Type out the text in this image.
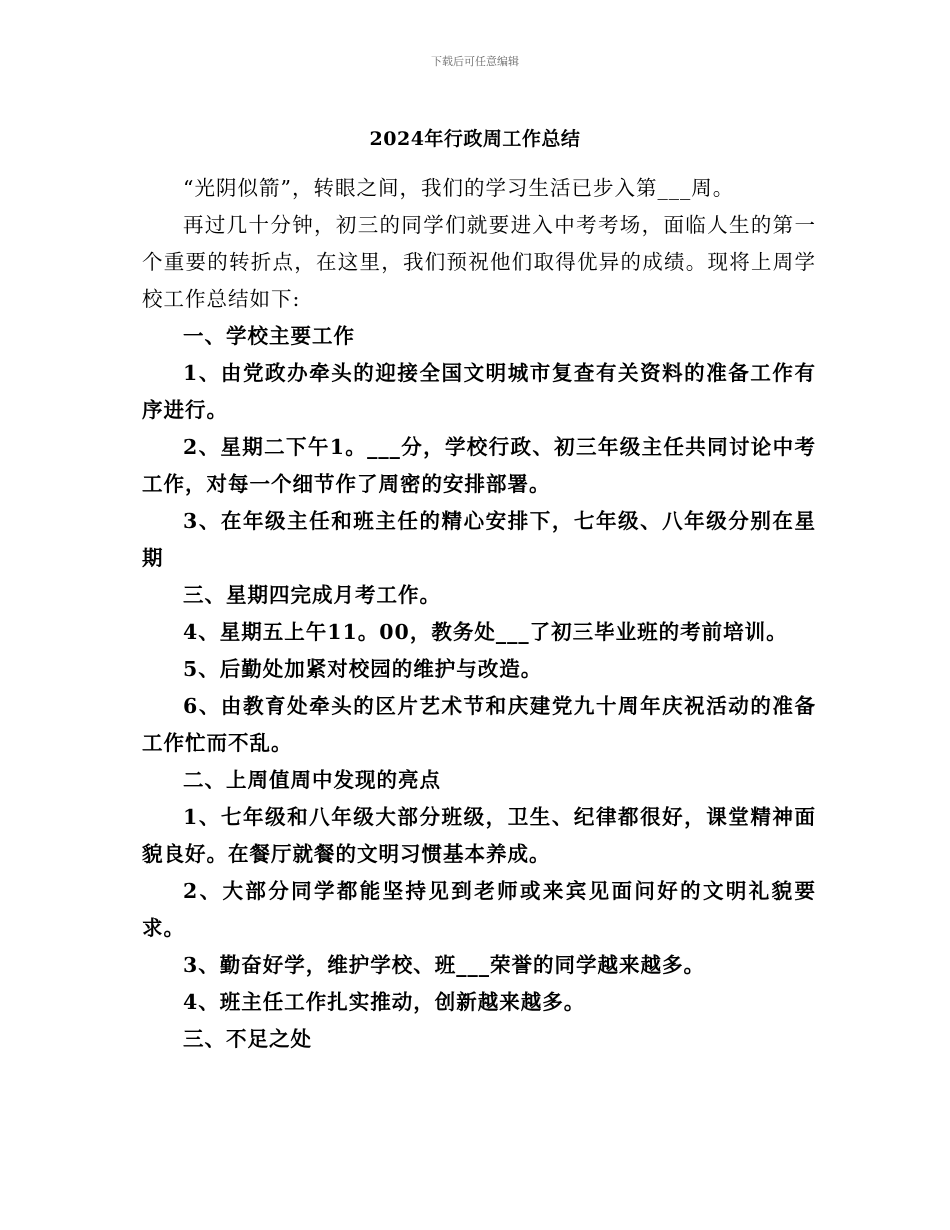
下载后可任意编辑
2024年行政周工作总结

“光阴似箭”，转眼之间，我们的学习生活已步入第___周。

再过几十分钟，初三的同学们就要进入中考考场，面临人生的第一个重要的转折点，在这里，我们预祝他们取得优异的成绩。现将上周学校工作总结如下:

一、学校主要工作

1、由党政办牵头的迎接全国文明城市复查有关资料的准备工作有序进行。

2、星期二下午1。___分，学校行政、初三年级主任共同讨论中考工作，对每一个细节作了周密的安排部署。

3、在年级主任和班主任的精心安排下，七年级、八年级分别在星期

三、星期四完成月考工作。

4、星期五上午11。00，教务处___了初三毕业班的考前培训。

5、后勤处加紧对校园的维护与改造。

6、由教育处牵头的区片艺术节和庆建党九十周年庆祝活动的准备工作忙而不乱。

二、上周值周中发现的亮点

1、七年级和八年级大部分班级，卫生、纪律都很好，课堂精神面貌良好。在餐厅就餐的文明习惯基本养成。

2、大部分同学都能坚持见到老师或来宾见面问好的文明礼貌要求。

3、勤奋好学，维护学校、班___荣誉的同学越来越多。

4、班主任工作扎实推动，创新越来越多。

三、不足之处
